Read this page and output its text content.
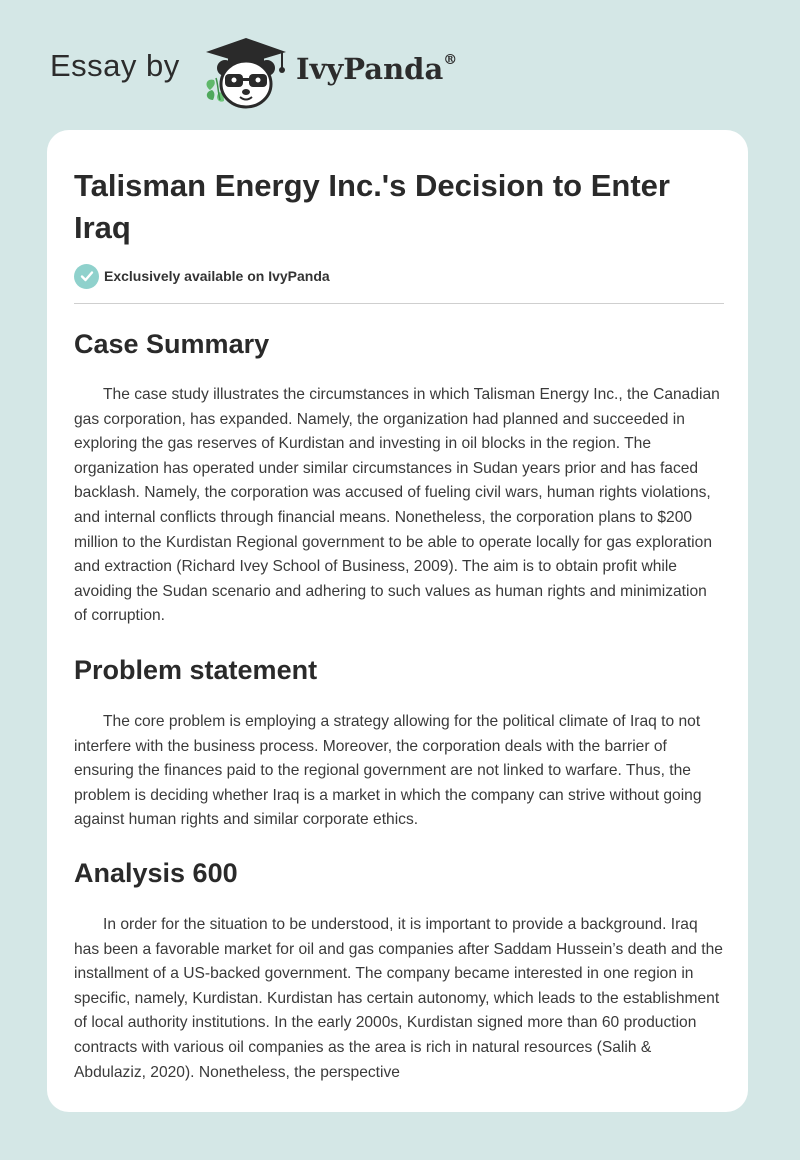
Essay by	IvyPanda®
Talisman Energy Inc.'s Decision to Enter Iraq
Exclusively available on IvyPanda
Case Summary

The case study illustrates the circumstances in which Talisman Energy Inc., the Canadian gas corporation, has expanded. Namely, the organization had planned and succeeded in exploring the gas reserves of Kurdistan and investing in oil blocks in the region. The organization has operated under similar circumstances in Sudan years prior and has faced backlash. Namely, the corporation was accused of fueling civil wars, human rights violations, and internal conflicts through financial means. Nonetheless, the corporation plans to $200 million to the Kurdistan Regional government to be able to operate locally for gas exploration and extraction (Richard Ivey School of Business, 2009). The aim is to obtain profit while avoiding the Sudan scenario and adhering to such values as human rights and minimization of corruption.

Problem statement

The core problem is employing a strategy allowing for the political climate of Iraq to not interfere with the business process. Moreover, the corporation deals with the barrier of ensuring the finances paid to the regional government are not linked to warfare. Thus, the problem is deciding whether Iraq is a market in which the company can strive without going against human rights and similar corporate ethics.

Analysis 600

In order for the situation to be understood, it is important to provide a background. Iraq has been a favorable market for oil and gas companies after Saddam Hussein’s death and the installment of a US-backed government. The company became interested in one region in specific, namely, Kurdistan. Kurdistan has certain autonomy, which leads to the establishment of local authority institutions. In the early 2000s, Kurdistan signed more than 60 production contracts with various oil companies as the area is rich in natural resources (Salih & Abdulaziz, 2020). Nonetheless, the perspective
